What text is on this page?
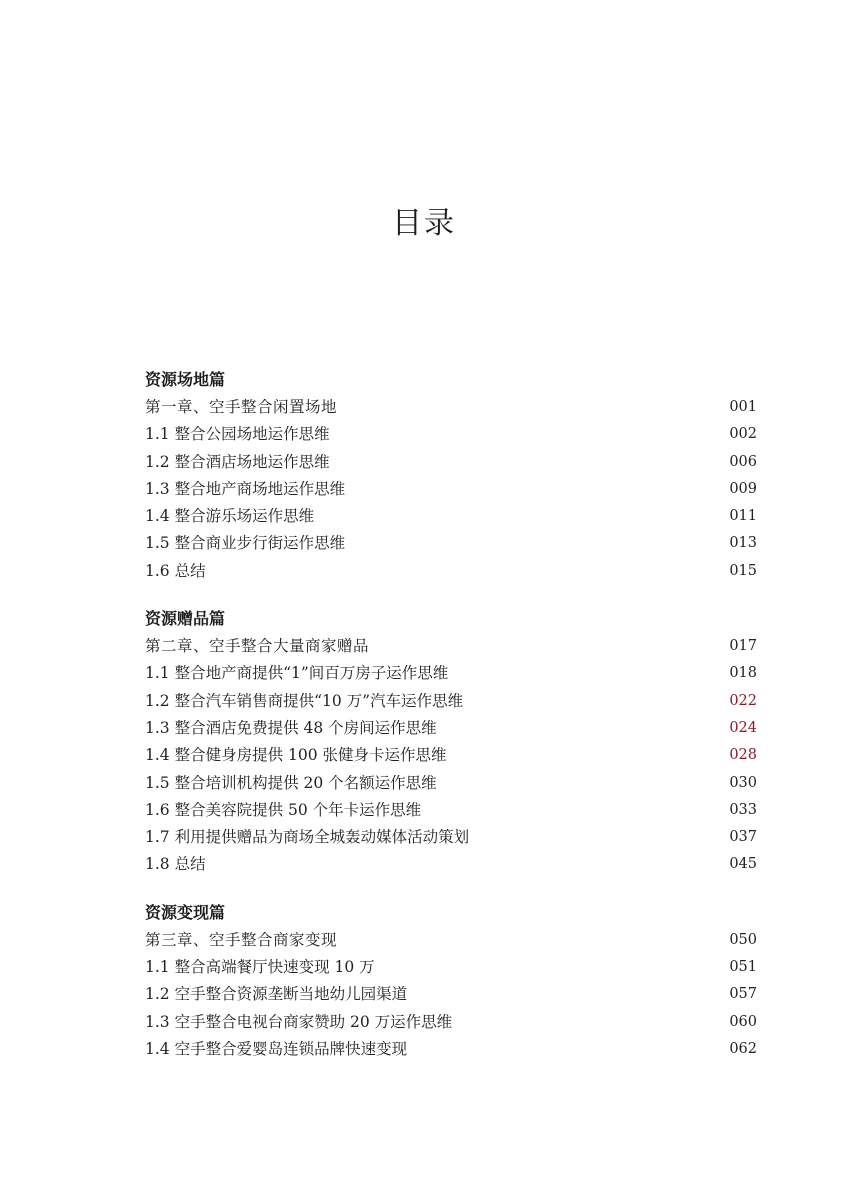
目录
资源场地篇
第一章、空手整合闲置场地	001
1.1 整合公园场地运作思维	002
1.2 整合酒店场地运作思维	006
1.3 整合地产商场地运作思维	009
1.4 整合游乐场运作思维	011
1.5 整合商业步行街运作思维	013
1.6 总结	015
资源赠品篇
第二章、空手整合大量商家赠品	017
1.1 整合地产商提供“1”间百万房子运作思维	018
1.2 整合汽车销售商提供“10 万”汽车运作思维	022
1.3 整合酒店免费提供 48 个房间运作思维	024
1.4 整合健身房提供 100 张健身卡运作思维	028
1.5 整合培训机构提供 20 个名额运作思维	030
1.6 整合美容院提供 50 个年卡运作思维	033
1.7 利用提供赠品为商场全城轰动媒体活动策划	037
1.8 总结	045
资源变现篇
第三章、空手整合商家变现	050
1.1 整合高端餐厅快速变现 10 万	051
1.2 空手整合资源垄断当地幼儿园渠道	057
1.3 空手整合电视台商家赞助 20 万运作思维	060
1.4 空手整合爱婴岛连锁品牌快速变现	062
